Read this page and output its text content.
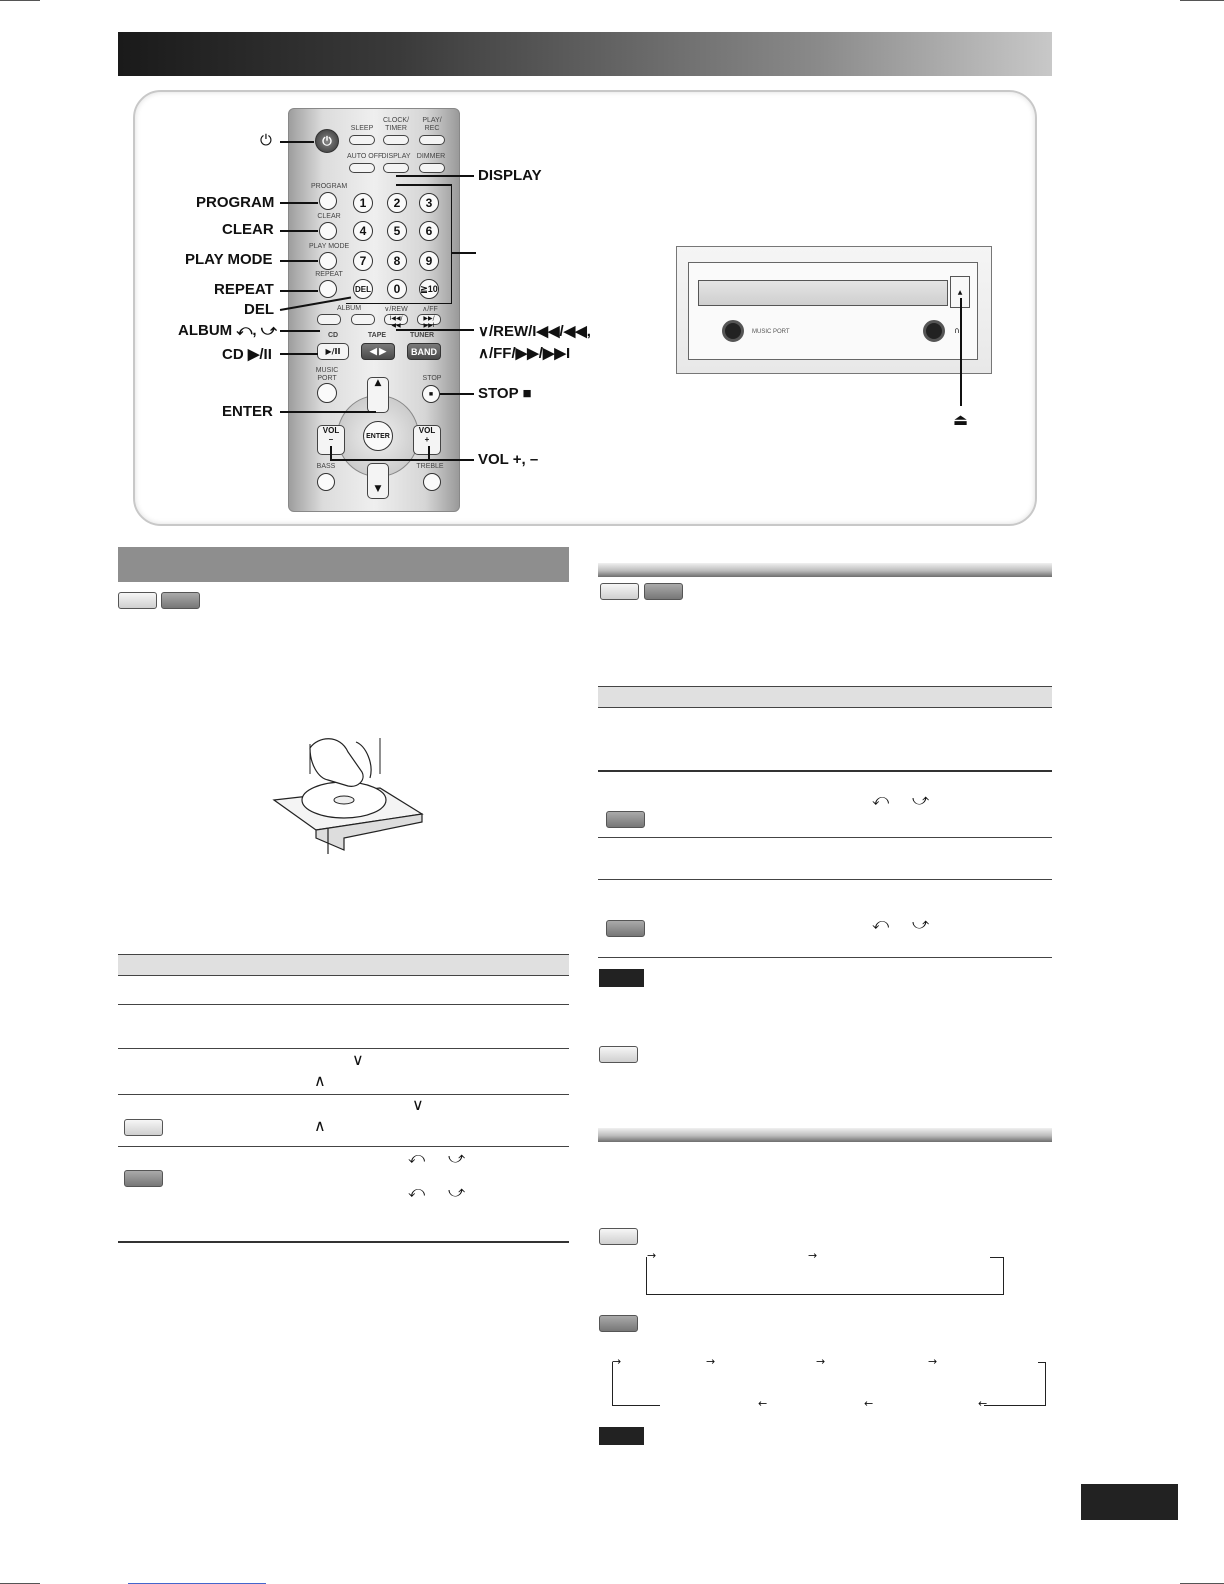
⏻
SLEEP
CLOCK/ TIMER
PLAY/ REC
AUTO OFF DISPLAY DIMMER
PROGRAM
CLEAR
PLAY MODE
REPEAT
1	2	3
4	5	6
7	8	9
DEL	0	≧10
ALBUM	∨/REW
I◀◀/◀◀
∧/FF
▶▶/▶▶I
CD
▶/II
TAPE
◀ ▶
TUNER
BAND
MUSIC PORT	STOP
■
▲
▼
ENTER
VOL
–
VOL
+
BASS	TREBLE
⏻
PROGRAM
CLEAR
PLAY MODE
REPEAT
DEL
ALBUM ⤺, ⤻
CD ▶/II
ENTER
DISPLAY
∨/REW/I◀◀/◀◀,
∧/FF/▶▶/▶▶I
STOP ■
VOL +, –
▲
MUSIC PORT	∩
⏏
∨
∧
∨
∧
⤺ ⤻
⤺ ⤻
⤺ ⤻
⤺ ⤻
→	→
→	→	→	→
←	←	←
